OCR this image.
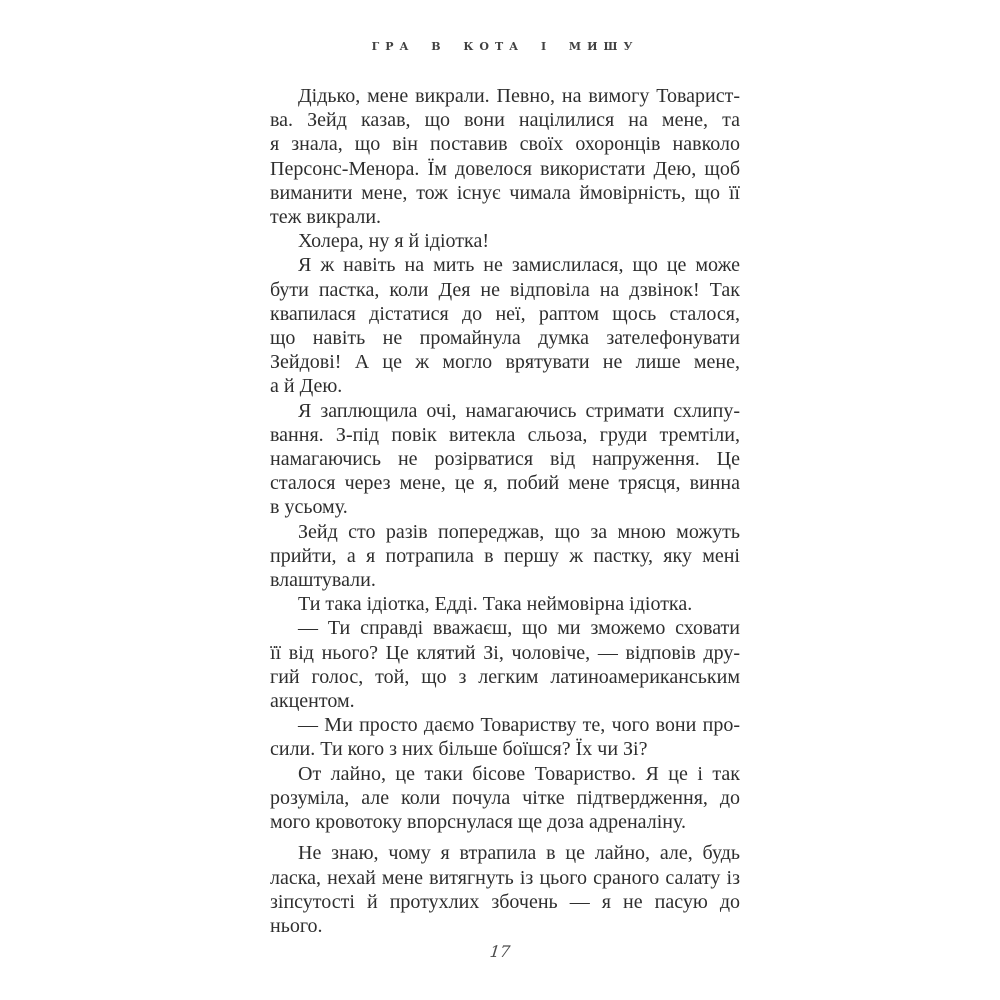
ГРА В КОТА І МИШУ
Дідько, мене викрали. Певно, на вимогу Товарист-
ва. Зейд казав, що вони націлилися на мене, та
я знала, що він поставив своїх охоронців навколо
Персонс-Менора. Їм довелося використати Дею, щоб
виманити мене, тож існує чимала ймовірність, що її
теж викрали.
Холера, ну я й ідіотка!
Я ж навіть на мить не замислилася, що це може
бути пастка, коли Дея не відповіла на дзвінок! Так
квапилася дістатися до неї, раптом щось сталося,
що навіть не промайнула думка зателефонувати
Зейдові! А це ж могло врятувати не лише мене,
а й Дею.
Я заплющила очі, намагаючись стримати схлипу-
вання. З-під повік витекла сльоза, груди тремтіли,
намагаючись не розірватися від напруження. Це
сталося через мене, це я, побий мене трясця, винна
в усьому.
Зейд сто разів попереджав, що за мною можуть
прийти, а я потрапила в першу ж пастку, яку мені
влаштували.
Ти така ідіотка, Едді. Така неймовірна ідіотка.
— Ти справді вважаєш, що ми зможемо сховати
її від нього? Це клятий Зі, чоловіче, — відповів дру-
гий голос, той, що з легким латиноамериканським
акцентом.
— Ми просто даємо Товариству те, чого вони про-
сили. Ти кого з них більше боїшся? Їх чи Зі?
От лайно, це таки бісове Товариство. Я це і так
розуміла, але коли почула чітке підтвердження, до
мого кровотоку впорснулася ще доза адреналіну.
Не знаю, чому я втрапила в це лайно, але, будь
ласка, нехай мене витягнуть із цього сраного салату із
зіпсутості й протухлих збочень — я не пасую до нього.
17
